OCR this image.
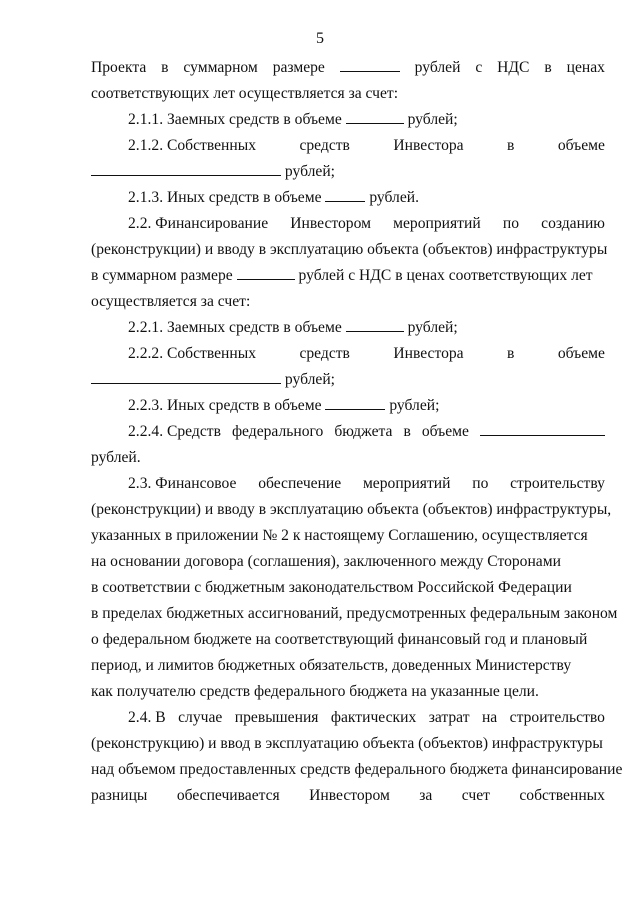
5
Проекта в суммарном размере	рублей с НДС в ценах
соответствующих лет осуществляется за счет:
2.1.1. Заемных средств в объеме	рублей;
2.1.2. Собственных	средств	Инвестора	в	объеме
рублей;
2.1.3. Иных средств в объеме	рублей.
2.2. Финансирование Инвестором мероприятий по созданию
(реконструкции) и вводу в эксплуатацию объекта (объектов) инфраструктуры
в суммарном размере	рублей с НДС в ценах соответствующих лет
осуществляется за счет:
2.2.1. Заемных средств в объеме	рублей;
2.2.2. Собственных	средств	Инвестора	в	объеме
рублей;
2.2.3. Иных средств в объеме	рублей;
2.2.4. Средств федерального бюджета в объеме
рублей.
2.3. Финансовое обеспечение мероприятий по строительству
(реконструкции) и вводу в эксплуатацию объекта (объектов) инфраструктуры,
указанных в приложении № 2 к настоящему Соглашению, осуществляется
на основании договора (соглашения), заключенного между Сторонами
в соответствии с бюджетным законодательством Российской Федерации
в пределах бюджетных ассигнований, предусмотренных федеральным законом
о федеральном бюджете на соответствующий финансовый год и плановый
период, и лимитов бюджетных обязательств, доведенных Министерству
как получателю средств федерального бюджета на указанные цели.
2.4. В случае превышения фактических затрат на строительство
(реконструкцию) и ввод в эксплуатацию объекта (объектов) инфраструктуры
над объемом предоставленных средств федерального бюджета финансирование
разницы обеспечивается Инвестором за счет собственных
